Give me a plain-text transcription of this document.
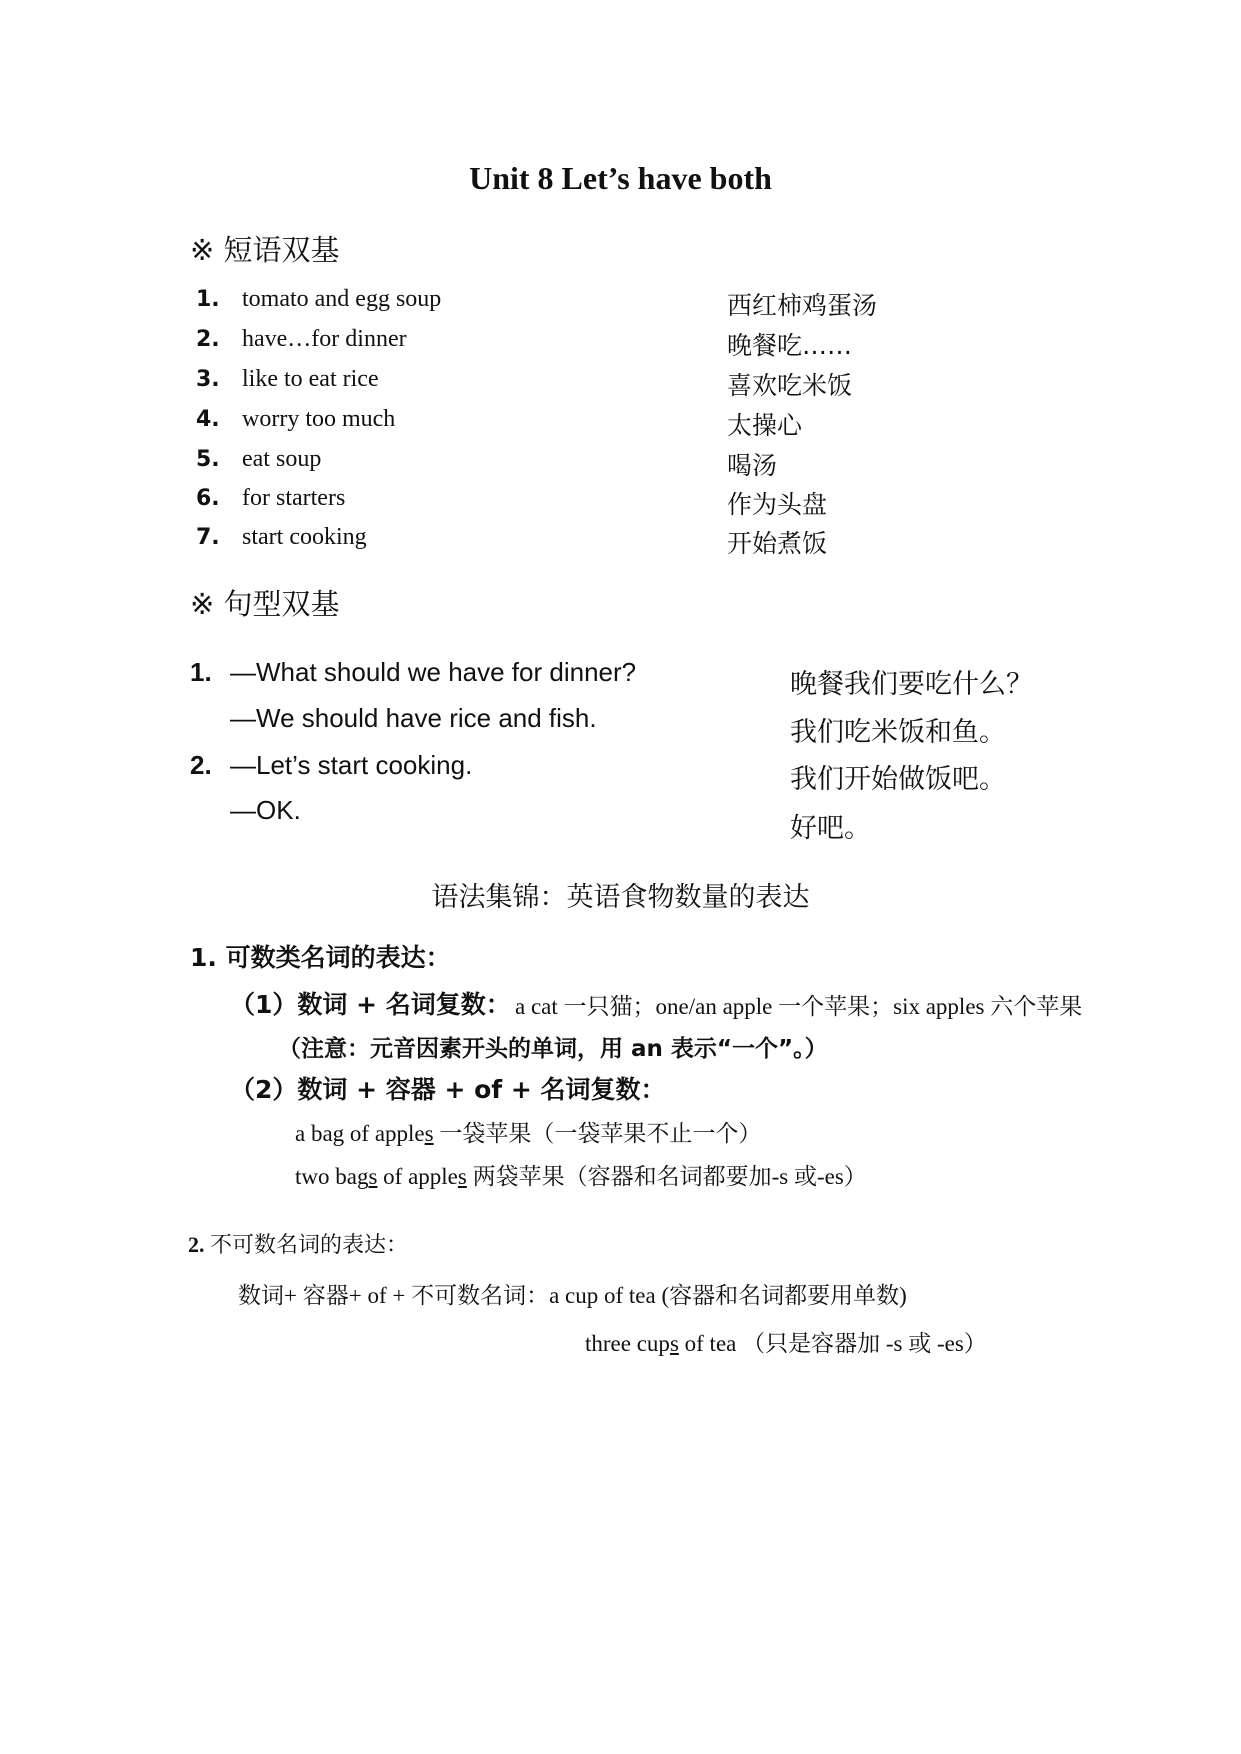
Unit 8 Let’s have both
※ 短语双基
1. tomato and egg soup
2. have…for dinner
3. like to eat rice
4. worry too much
5. eat soup
6. for starters
7. start cooking
西红柿鸡蛋汤
晚餐吃……
喜欢吃米饭
太操心
喝汤
作为头盘
开始煮饭
※ 句型双基
1. —What should we have for dinner?
—We should have rice and fish.
2. —Let’s start cooking.
—OK.
晚餐我们要吃什么？
我们吃米饭和鱼。
我们开始做饭吧。
好吧。
语法集锦：英语食物数量的表达
1. 可数类名词的表达：
（1）数词 + 名词复数： a cat 一只猫；one/an apple 一个苹果；six apples 六个苹果
（注意：元音因素开头的单词，用 an 表示“一个”。）
（2）数词 + 容器 + of + 名词复数：
a bag of apples 一袋苹果（一袋苹果不止一个）
two bags of apples 两袋苹果（容器和名词都要加-s 或-es）
2. 不可数名词的表达：
数词+ 容器+ of + 不可数名词：a cup of tea (容器和名词都要用单数)
three cups of tea （只是容器加 -s 或 -es）
